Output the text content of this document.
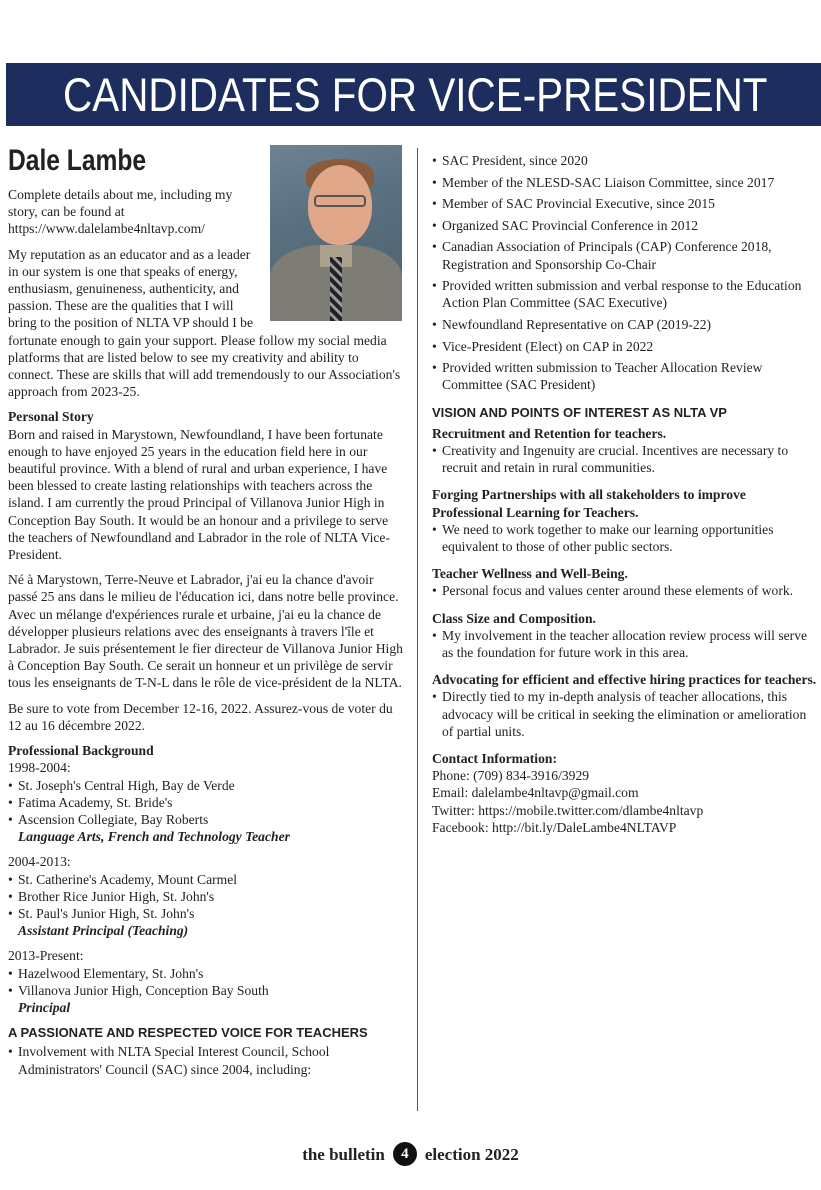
CANDIDATES FOR VICE-PRESIDENT
Dale Lambe

Complete details about me, including my story, can be found at https://www.dalelambe4nltavp.com/

My reputation as an educator and as a leader in our system is one that speaks of energy, enthusiasm, genuineness, authenticity, and passion. These are the qualities that I will bring to the position of NLTA VP should I be fortunate enough to gain your support. Please follow my social media platforms that are listed below to see my creativity and ability to connect. These are skills that will add tremendously to our Association's approach from 2023-25.

Personal Story

Born and raised in Marystown, Newfoundland, I have been fortunate enough to have enjoyed 25 years in the education field here in our beautiful province. With a blend of rural and urban experience, I have been blessed to create lasting relationships with teachers across the island. I am currently the proud Principal of Villanova Junior High in Conception Bay South. It would be an honour and a privilege to serve the teachers of Newfoundland and Labrador in the role of NLTA Vice-President.

Né à Marystown, Terre-Neuve et Labrador, j'ai eu la chance d'avoir passé 25 ans dans le milieu de l'éducation ici, dans notre belle province. Avec un mélange d'expériences rurale et urbaine, j'ai eu la chance de développer plusieurs relations avec des enseignants à travers l'île et Labrador. Je suis présentement le fier directeur de Villanova Junior High à Conception Bay South. Ce serait un honneur et un privilège de servir tous les enseignants de T-N-L dans le rôle de vice-président de la NLTA.

Be sure to vote from December 12-16, 2022. Assurez-vous de voter du 12 au 16 décembre 2022.

Professional Background
1998-2004:
• St. Joseph's Central High, Bay de Verde
• Fatima Academy, St. Bride's
• Ascension Collegiate, Bay Roberts
Language Arts, French and Technology Teacher
2004-2013:
• St. Catherine's Academy, Mount Carmel
• Brother Rice Junior High, St. John's
• St. Paul's Junior High, St. John's
Assistant Principal (Teaching)
2013-Present:
• Hazelwood Elementary, St. John's
• Villanova Junior High, Conception Bay South
Principal
A PASSIONATE AND RESPECTED VOICE FOR TEACHERS
• Involvement with NLTA Special Interest Council, School Administrators' Council (SAC) since 2004, including:
• SAC President, since 2020
• Member of the NLESD-SAC Liaison Committee, since 2017
• Member of SAC Provincial Executive, since 2015
• Organized SAC Provincial Conference in 2012
• Canadian Association of Principals (CAP) Conference 2018, Registration and Sponsorship Co-Chair
• Provided written submission and verbal response to the Education Action Plan Committee (SAC Executive)
• Newfoundland Representative on CAP (2019-22)
• Vice-President (Elect) on CAP in 2022
• Provided written submission to Teacher Allocation Review Committee (SAC President)
VISION AND POINTS OF INTEREST AS NLTA VP
Recruitment and Retention for teachers.
• Creativity and Ingenuity are crucial. Incentives are necessary to recruit and retain in rural communities.
Forging Partnerships with all stakeholders to improve Professional Learning for Teachers.
• We need to work together to make our learning opportunities equivalent to those of other public sectors.
Teacher Wellness and Well-Being.
• Personal focus and values center around these elements of work.
Class Size and Composition.
• My involvement in the teacher allocation review process will serve as the foundation for future work in this area.
Advocating for efficient and effective hiring practices for teachers.
• Directly tied to my in-depth analysis of teacher allocations, this advocacy will be critical in seeking the elimination or amelioration of partial units.
Contact Information:
Phone: (709) 834-3916/3929
Email: dalelambe4nltavp@gmail.com
Twitter: https://mobile.twitter.com/dlambe4nltavp
Facebook: http://bit.ly/DaleLambe4NLTAVP
the bulletin 4 election 2022
